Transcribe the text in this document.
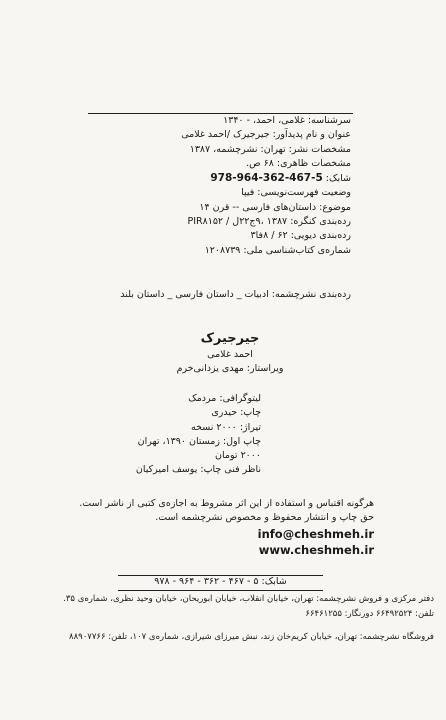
سرشناسه: غلامی، احمد، - ۱۳۴۰
عنوان و نام پدیدآور: جیرجیرک /احمد غلامی
مشخصات نشر: تهران: نشرچشمه، ۱۳۸۷
مشخصات ظاهری: ۶۸ ص.
شابک: 978-964-362-467-5
وضعیت فهرست‌نویسی: فیپا
موضوع: داستان‌های فارسی -- قرن ۱۴
رده‌بندی کنگره: ۱۳۸۷ ،۹ج۲۲ل / PIR۸۱۵۲
رده‌بندی دیویی: ۶۲ / ۸فا۳
شماره‌ی کتاب‌شناسی ملی: ۱۲۰۸۷۳۹
رده‌بندی نشرچشمه: ادبیات _ داستان فارسی _ داستان بلند
جیرجیرک
احمد غلامی
ویراستار: مهدی یزدانی‌خرم
لیتوگرافی: مردمک
چاپ: حیدری
تیراژ: ۲۰۰۰ نسخه
چاپ اول: زمستان ۱۳۹۰، تهران
۲۰۰۰ تومان
ناظر فنی چاپ: یوسف امیرکیان
هرگونه اقتباس و استفاده از این اثر مشروط به اجازه‌ی کتبی از ناشر است.
حق چاپ و انتشار محفوظ و مخصوص نشرچشمه است.
info@cheshmeh.ir
www.cheshmeh.ir
شابک: ۵ - ۴۶۷ - ۳۶۲ - ۹۶۴ - ۹۷۸
دفتر مرکزی و فروش نشرچشمه: تهران، خیابان انقلاب، خیابان ابوریحان، خیابان وحید نظری، شماره‌ی ۳۵.
تلفن: ۶۶۴۹۲۵۲۴ دورنگار: ۶۶۴۶۱۲۵۵
فروشگاه نشرچشمه: تهران، خیابان کریم‌خان زند، نبش میرزای شیرازی، شماره‌ی ۱۰۷، تلفن: ۸۸۹۰۷۷۶۶
